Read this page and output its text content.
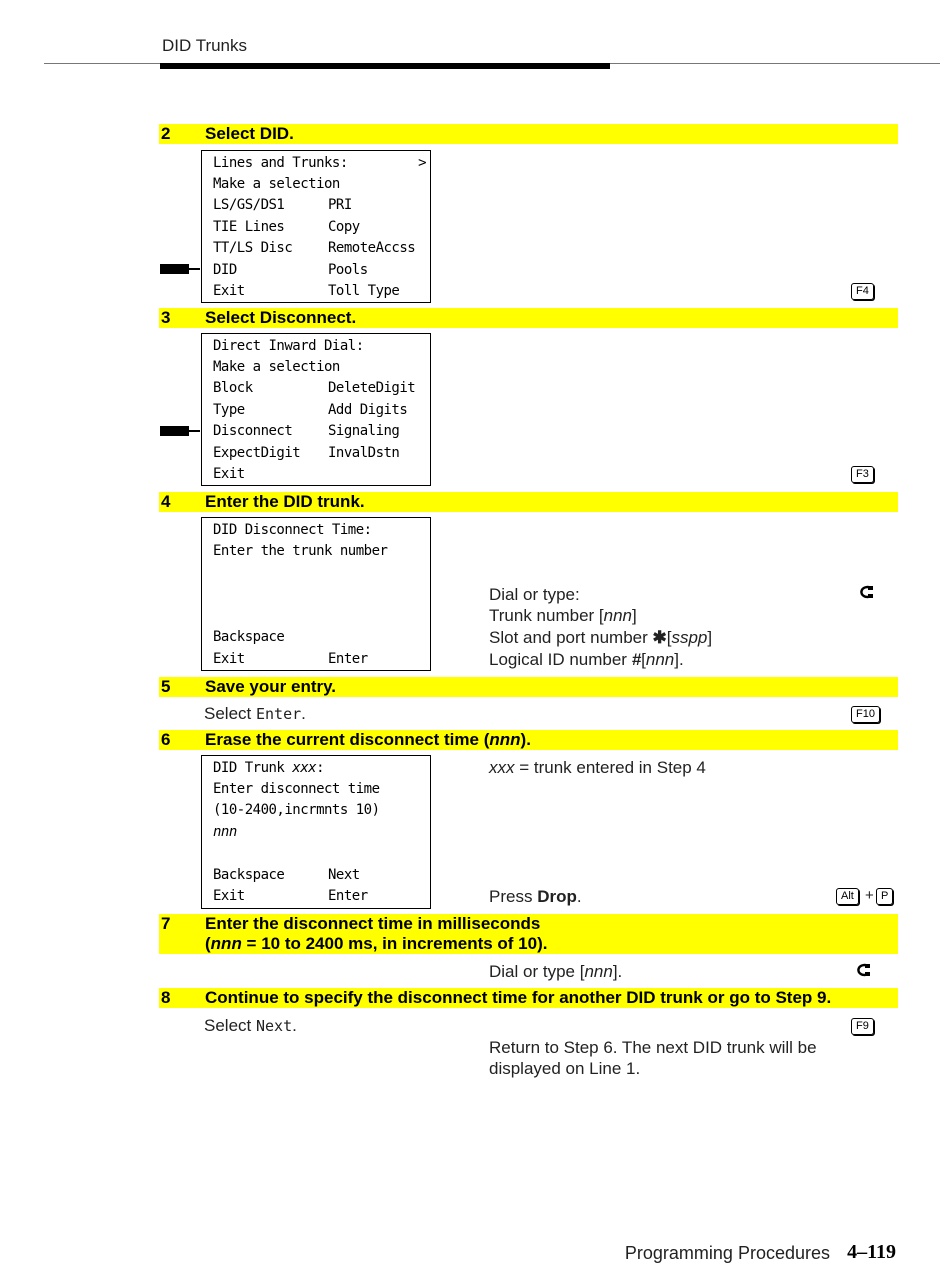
DID Trunks
2 Select DID.
Lines and Trunks:	>
Make a selection
LS/GS/DS1	PRI
TIE Lines	Copy
TT/LS Disc	RemoteAccss
DID	Pools
Exit	Toll Type	F4
3 Select Disconnect.
Direct Inward Dial:
Make a selection
Block	DeleteDigit
Type	Add Digits
Disconnect	Signaling
ExpectDigit InvalDstn
Exit	F3
4 Enter the DID trunk.
DID Disconnect Time:
Enter the trunk number
Backspace
Exit	Enter
Dial or type:
Trunk number [nnn]
Slot and port number ✱[sspp]
Logical ID number #[nnn].
5 Save your entry.
Select Enter.	F10
6 Erase the current disconnect time (nnn).
DID Trunk xxx:
Enter disconnect time
(10-2400,incrmnts 10)
nnn
Backspace	Next
Exit	Enter
xxx = trunk entered in Step 4
Press Drop.	Alt + P
7 Enter the disconnect time in milliseconds
(nnn = 10 to 2400 ms, in increments of 10).
Dial or type [nnn].
8 Continue to specify the disconnect time for another DID trunk or go to Step 9.
Select Next.	F9
Return to Step 6. The next DID trunk will be
displayed on Line 1.
Programming Procedures 4–119
